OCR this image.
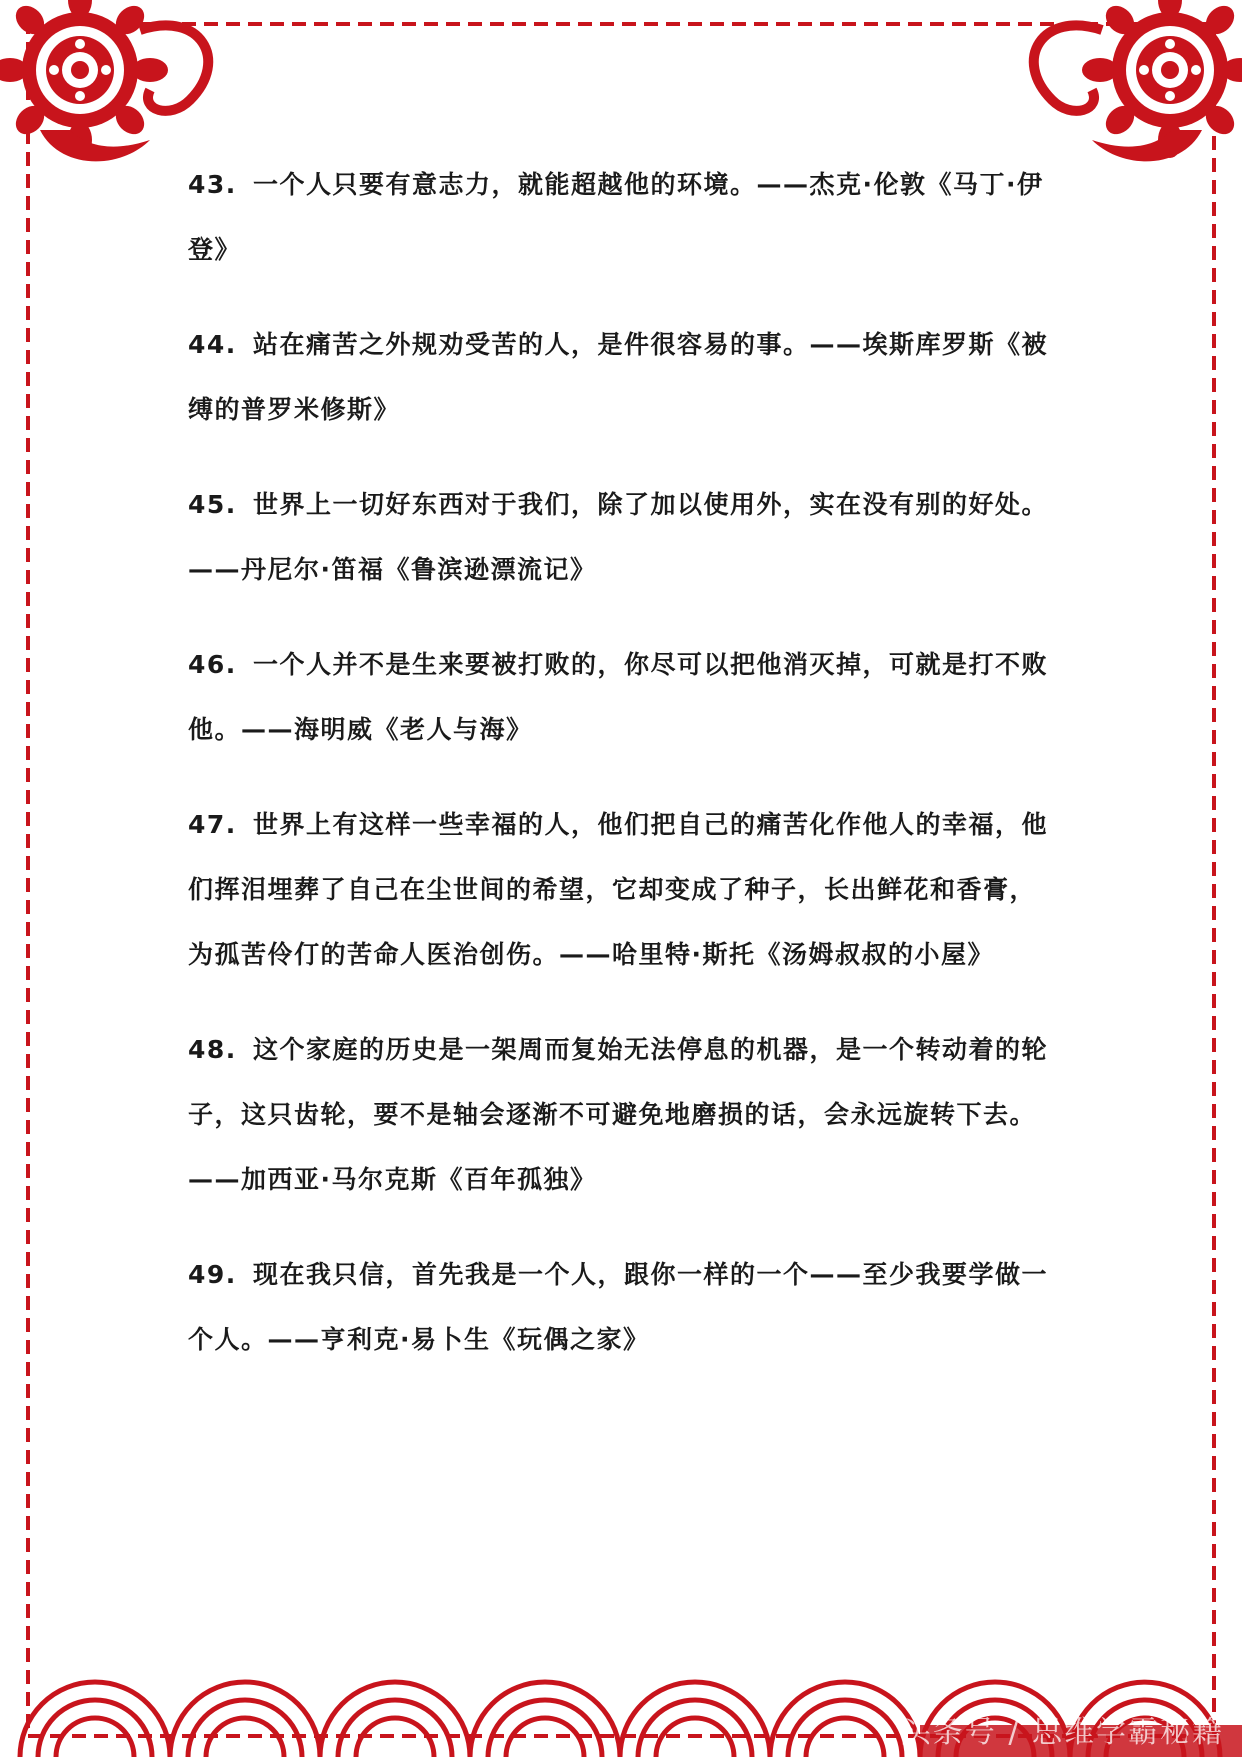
43. 一个人只要有意志力，就能超越他的环境。——杰克·伦敦《马丁·伊登》

44. 站在痛苦之外规劝受苦的人，是件很容易的事。——埃斯库罗斯《被缚的普罗米修斯》

45. 世界上一切好东西对于我们，除了加以使用外，实在没有别的好处。——丹尼尔·笛福《鲁滨逊漂流记》

46. 一个人并不是生来要被打败的，你尽可以把他消灭掉，可就是打不败他。——海明威《老人与海》

47. 世界上有这样一些幸福的人，他们把自己的痛苦化作他人的幸福，他们挥泪埋葬了自己在尘世间的希望，它却变成了种子，长出鲜花和香膏，为孤苦伶仃的苦命人医治创伤。——哈里特·斯托《汤姆叔叔的小屋》

48. 这个家庭的历史是一架周而复始无法停息的机器，是一个转动着的轮子，这只齿轮，要不是轴会逐渐不可避免地磨损的话，会永远旋转下去。——加西亚·马尔克斯《百年孤独》

49. 现在我只信，首先我是一个人，跟你一样的一个——至少我要学做一个人。——亨利克·易卜生《玩偶之家》

头条号 / 思维学霸秘籍
